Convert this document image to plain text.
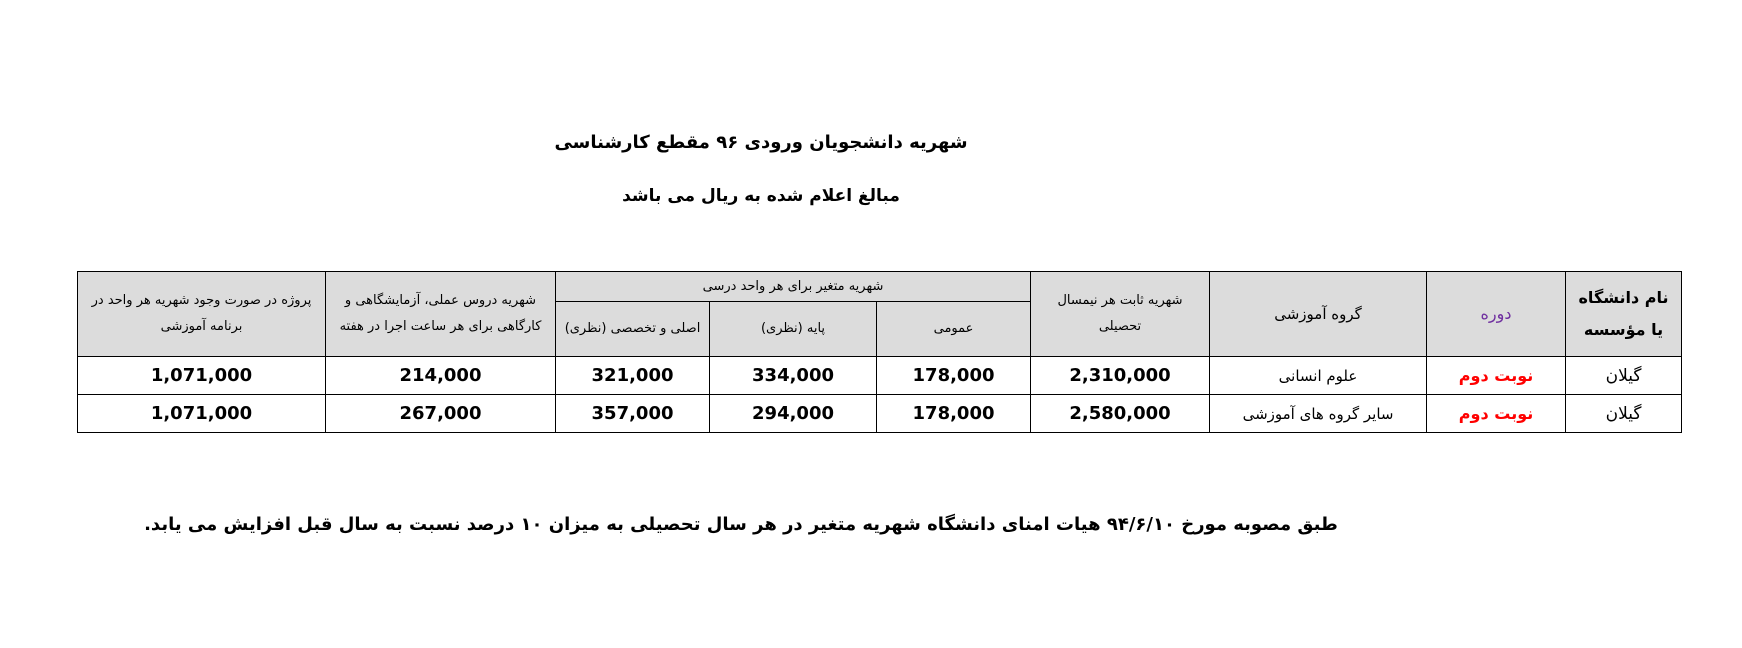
شهریه دانشجویان ورودی ۹۶ مقطع کارشناسی
مبالغ اعلام شده به ریال می باشد
نام دانشگاه یا مؤسسه	دوره	گروه آموزشی	شهریه ثابت هر نیمسال تحصیلی	شهریه متغیر برای هر واحد درسی			شهریه دروس عملی، آزمایشگاهی و کارگاهی برای هر ساعت اجرا در هفته	پروژه در صورت وجود شهریه هر واحد در برنامه آموزشی
				عمومی	پایه (نظری)	اصلی و تخصصی (نظری)		
گیلان	نوبت دوم	علوم انسانی	2,310,000	178,000	334,000	321,000	214,000	1,071,000
گیلان	نوبت دوم	سایر گروه های آموزشی	2,580,000	178,000	294,000	357,000	267,000	1,071,000
طبق مصوبه مورخ ۹۴/۶/۱۰ هیات امنای دانشگاه شهریه متغیر در هر سال تحصیلی به میزان ۱۰ درصد نسبت به سال قبل افزایش می یابد.
